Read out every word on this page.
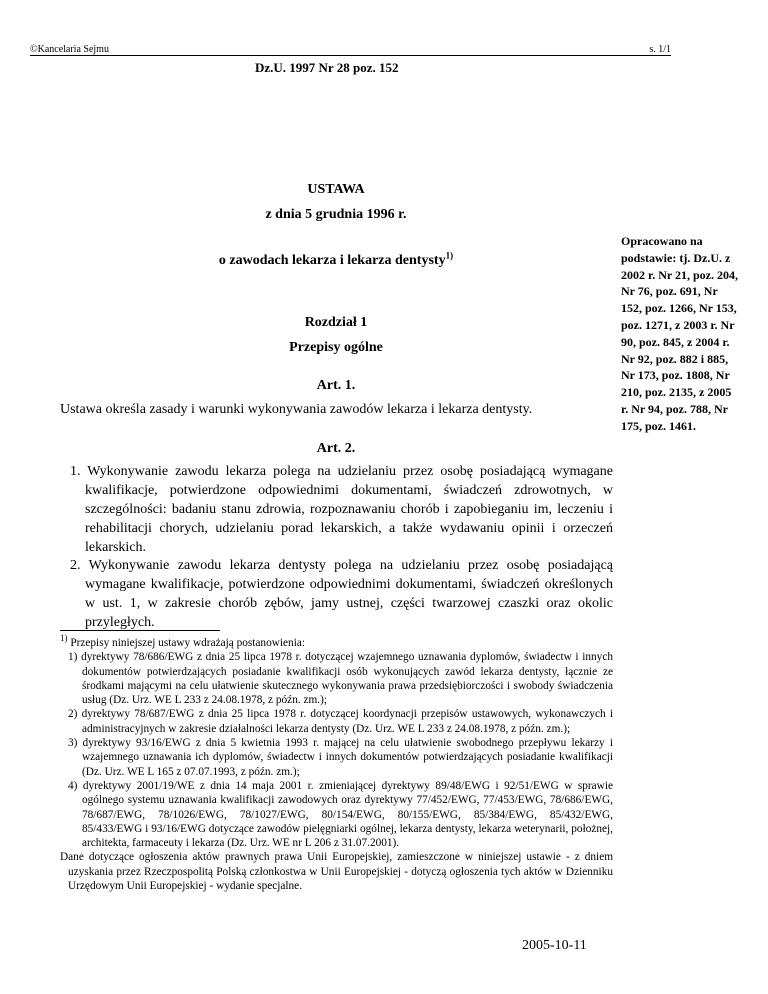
©Kancelaria Sejmu	s. 1/1
Dz.U. 1997 Nr 28 poz. 152
USTAWA
z dnia 5 grudnia 1996 r.
o zawodach lekarza i lekarza dentysty$^{1)}$
Opracowano na podstawie: tj. Dz.U. z 2002 r. Nr 21, poz. 204, Nr 76, poz. 691, Nr 152, poz. 1266, Nr 153, poz. 1271, z 2003 r. Nr 90, poz. 845, z 2004 r. Nr 92, poz. 882 i 885, Nr 173, poz. 1808, Nr 210, poz. 2135, z 2005 r. Nr 94, poz. 788, Nr 175, poz. 1461.
Rozdział 1
Przepisy ogólne
Art. 1.
Ustawa określa zasady i warunki wykonywania zawodów lekarza i lekarza dentysty.
Art. 2.
1. Wykonywanie zawodu lekarza polega na udzielaniu przez osobę posiadającą wymagane kwalifikacje, potwierdzone odpowiednimi dokumentami, świadczeń zdrowotnych, w szczególności: badaniu stanu zdrowia, rozpoznawaniu chorób i zapobieganiu im, leczeniu i rehabilitacji chorych, udzielaniu porad lekarskich, a także wydawaniu opinii i orzeczeń lekarskich.
2. Wykonywanie zawodu lekarza dentysty polega na udzielaniu przez osobę posiadającą wymagane kwalifikacje, potwierdzone odpowiednimi dokumentami, świadczeń określonych w ust. 1, w zakresie chorób zębów, jamy ustnej, części twarzowej czaszki oraz okolic przyległych.
$^{1)}$ Przepisy niniejszej ustawy wdrażają postanowienia:
1) dyrektywy 78/686/EWG z dnia 25 lipca 1978 r. dotyczącej wzajemnego uznawania dyplomów, świadectw i innych dokumentów potwierdzających posiadanie kwalifikacji osób wykonujących zawód lekarza dentysty, łącznie ze środkami mającymi na celu ułatwienie skutecznego wykonywania prawa przedsiębiorczości i swobody świadczenia usług (Dz. Urz. WE L 233 z 24.08.1978, z późn. zm.);
2) dyrektywy 78/687/EWG z dnia 25 lipca 1978 r. dotyczącej koordynacji przepisów ustawowych, wykonawczych i administracyjnych w zakresie działalności lekarza dentysty (Dz. Urz. WE L 233 z 24.08.1978, z późn. zm.);
3) dyrektywy 93/16/EWG z dnia 5 kwietnia 1993 r. mającej na celu ułatwienie swobodnego przepływu lekarzy i wzajemnego uznawania ich dyplomów, świadectw i innych dokumentów potwierdzających posiadanie kwalifikacji (Dz. Urz. WE L 165 z 07.07.1993, z późn. zm.);
4) dyrektywy 2001/19/WE z dnia 14 maja 2001 r. zmieniającej dyrektywy 89/48/EWG i 92/51/EWG w sprawie ogólnego systemu uznawania kwalifikacji zawodowych oraz dyrektywy 77/452/EWG, 77/453/EWG, 78/686/EWG, 78/687/EWG, 78/1026/EWG, 78/1027/EWG, 80/154/EWG, 80/155/EWG, 85/384/EWG, 85/432/EWG, 85/433/EWG i 93/16/EWG dotyczące zawodów pielęgniarki ogólnej, lekarza dentysty, lekarza weterynarii, położnej, architekta, farmaceuty i lekarza (Dz. Urz. WE nr L 206 z 31.07.2001).
Dane dotyczące ogłoszenia aktów prawnych prawa Unii Europejskiej, zamieszczone w niniejszej ustawie - z dniem uzyskania przez Rzeczpospolitą Polską członkostwa w Unii Europejskiej - dotyczą ogłoszenia tych aktów w Dzienniku Urzędowym Unii Europejskiej - wydanie specjalne.
2005-10-11
